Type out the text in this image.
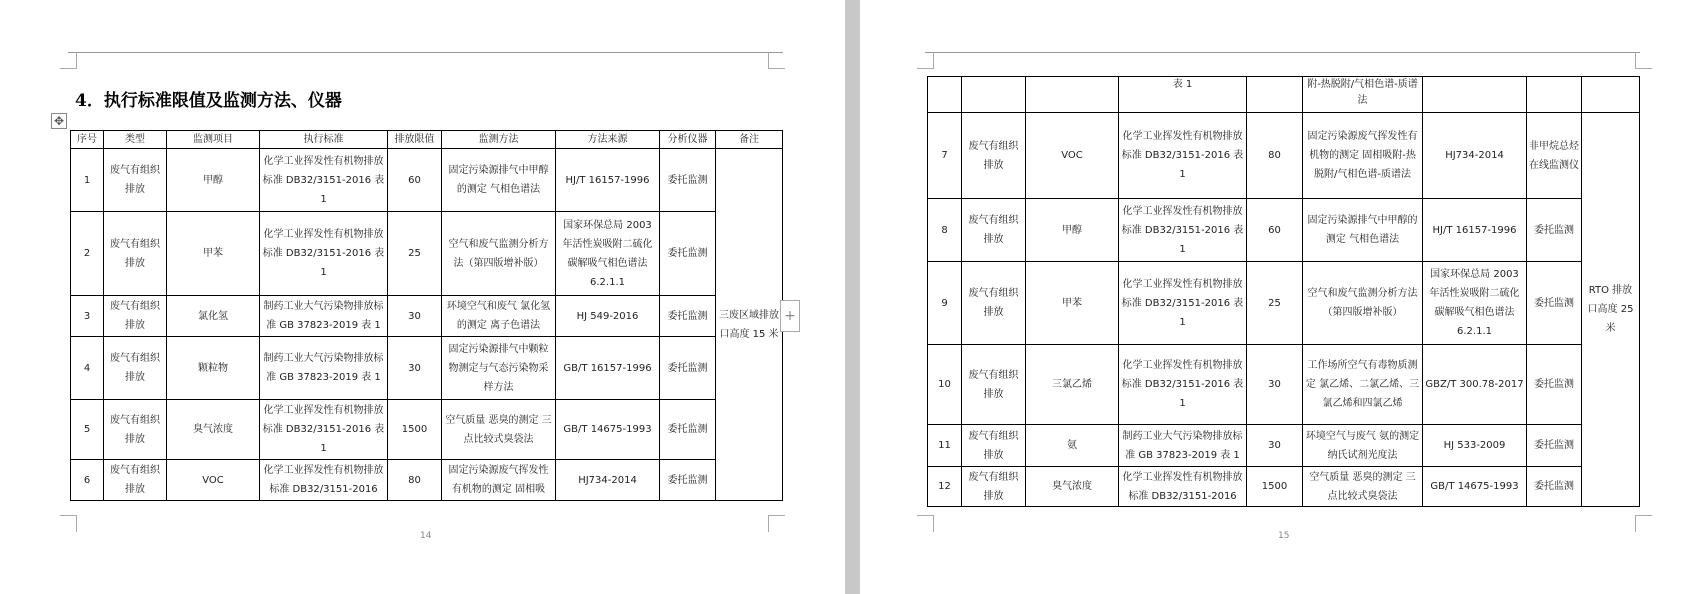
4．执行标准限值及监测方法、仪器
✥
序号	类型	监测项目	执行标准	排放限值	监测方法	方法来源	分析仪器	备注
1	废气有组织排放	甲醇	化学工业挥发性有机物排放标准 DB32/3151-2016 表 1	60	固定污染源排气中甲醇的测定 气相色谱法	HJ/T 16157-1996	委托监测	三废区域排放口高度 15 米
2	废气有组织排放	甲苯	化学工业挥发性有机物排放标准 DB32/3151-2016 表 1	25	空气和废气监测分析方法（第四版增补版）	国家环保总局 2003 年活性炭吸附二硫化碳解吸气相色谱法 6.2.1.1	委托监测	
3	废气有组织排放	氯化氢	制药工业大气污染物排放标准 GB 37823-2019 表 1	30	环境空气和废气 氯化氢的测定 离子色谱法	HJ 549-2016	委托监测	
4	废气有组织排放	颗粒物	制药工业大气污染物排放标准 GB 37823-2019 表 1	30	固定污染源排气中颗粒物测定与气态污染物采样方法	GB/T 16157-1996	委托监测	
5	废气有组织排放	臭气浓度	化学工业挥发性有机物排放标准 DB32/3151-2016 表 1	1500	空气质量 恶臭的测定 三点比较式臭袋法	GB/T 14675-1993	委托监测	
6	废气有组织排放	VOC	化学工业挥发性有机物排放标准 DB32/3151-2016	80	固定污染源废气挥发性有机物的测定 固相吸	HJ734-2014	委托监测	
+
14	15
			表 1		附-热脱附/气相色谱-质谱法			
7	废气有组织排放	VOC	化学工业挥发性有机物排放标准 DB32/3151-2016 表 1	80	固定污染源废气挥发性有机物的测定 固相吸附-热脱附/气相色谱-质谱法	HJ734-2014	非甲烷总烃在线监测仪	RTO 排放口高度 25 米
8	废气有组织排放	甲醇	化学工业挥发性有机物排放标准 DB32/3151-2016 表 1	60	固定污染源排气中甲醇的测定 气相色谱法	HJ/T 16157-1996	委托监测	
9	废气有组织排放	甲苯	化学工业挥发性有机物排放标准 DB32/3151-2016 表 1	25	空气和废气监测分析方法（第四版增补版）	国家环保总局 2003 年活性炭吸附二硫化碳解吸气相色谱法 6.2.1.1	委托监测	
10	废气有组织排放	三氯乙烯	化学工业挥发性有机物排放标准 DB32/3151-2016 表 1	30	工作场所空气有毒物质测定 氯乙烯、二氯乙烯、三氯乙烯和四氯乙烯	GBZ/T 300.78-2017	委托监测	
11	废气有组织排放	氨	制药工业大气污染物排放标准 GB 37823-2019 表 1	30	环境空气与废气 氨的测定 纳氏试剂光度法	HJ 533-2009	委托监测	
12	废气有组织排放	臭气浓度	化学工业挥发性有机物排放标准 DB32/3151-2016	1500	空气质量 恶臭的测定 三点比较式臭袋法	GB/T 14675-1993	委托监测	
